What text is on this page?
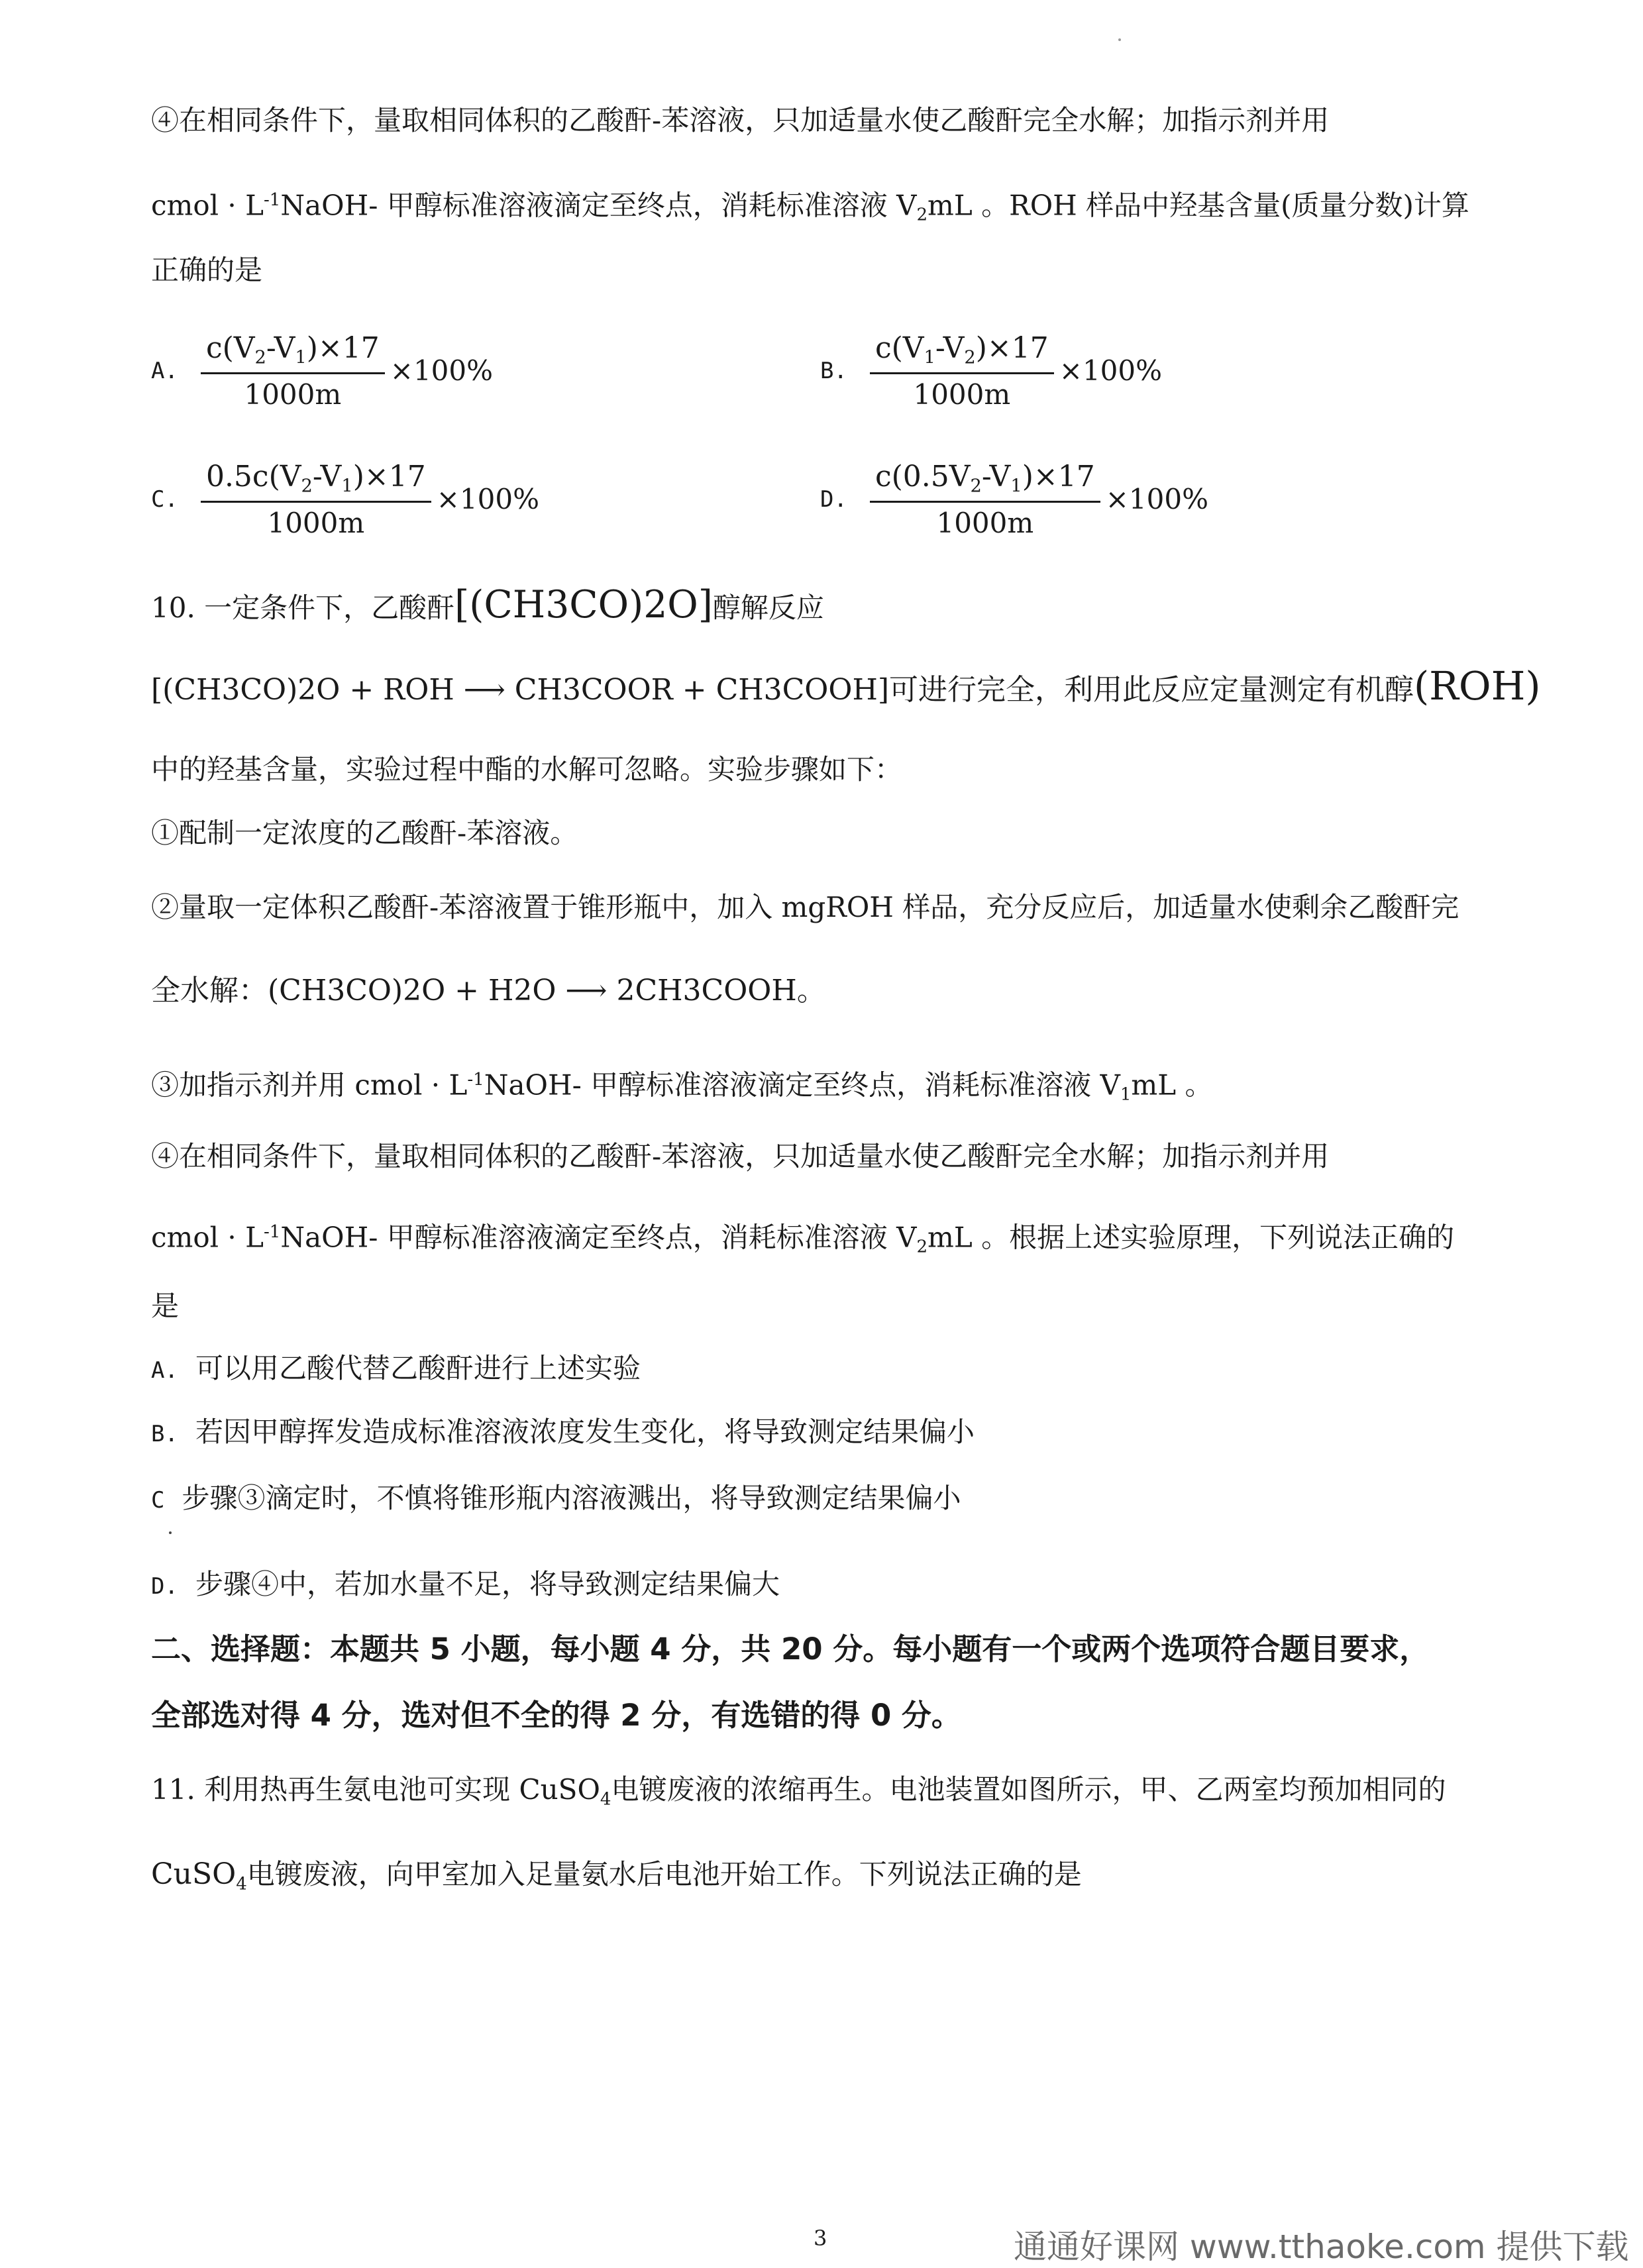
④在相同条件下，量取相同体积的乙酸酐-苯溶液，只加适量水使乙酸酐完全水解；加指示剂并用
cmol · $L^{-1}NaOH-$ 甲醇标准溶液滴定至终点，消耗标准溶液 $V_2mL$ 。ROH 样品中羟基含量(质量分数)计算
正确的是
A. $\frac{c(V_2-V_1)\times 17}{1000m} \times 100\%$	B. $\frac{c(V_1-V_2)\times 17}{1000m} \times 100\%$
C. $\frac{0.5c(V_2-V_1)\times 17}{1000m} \times 100\%$	D. $\frac{c(0.5V_2-V_1)\times 17}{1000m} \times 100\%$
10. 一定条件下，乙酸酐[(CH3CO)2O]醇解反应
[(CH3CO)2O + ROH ⟶ CH3COOR + CH3COOH]可进行完全，利用此反应定量测定有机醇(ROH)
中的羟基含量，实验过程中酯的水解可忽略。实验步骤如下：
①配制一定浓度的乙酸酐-苯溶液。
②量取一定体积乙酸酐-苯溶液置于锥形瓶中，加入 mgROH 样品，充分反应后，加适量水使剩余乙酸酐完
全水解：(CH3CO)2O + H2O ⟶ 2CH3COOH。
③加指示剂并用 cmol · $L^{-1}NaOH-$ 甲醇标准溶液滴定至终点，消耗标准溶液 $V_1mL$ 。
④在相同条件下，量取相同体积的乙酸酐-苯溶液，只加适量水使乙酸酐完全水解；加指示剂并用
cmol · $L^{-1}NaOH-$ 甲醇标准溶液滴定至终点，消耗标准溶液 $V_2mL$ 。根据上述实验原理，下列说法正确的
是
A. 可以用乙酸代替乙酸酐进行上述实验
B. 若因甲醇挥发造成标准溶液浓度发生变化，将导致测定结果偏小
C 步骤③滴定时，不慎将锥形瓶内溶液溅出，将导致测定结果偏小
D. 步骤④中，若加水量不足，将导致测定结果偏大
二、选择题：本题共 5 小题，每小题 4 分，共 20 分。每小题有一个或两个选项符合题目要求，
全部选对得 4 分，选对但不全的得 2 分，有选错的得 0 分。
11. 利用热再生氨电池可实现 CuSO$_4$电镀废液的浓缩再生。电池装置如图所示，甲、乙两室均预加相同的
CuSO$_4$电镀废液，向甲室加入足量氨水后电池开始工作。下列说法正确的是
3	通通好课网 www.tthaoke.com 提供下载
